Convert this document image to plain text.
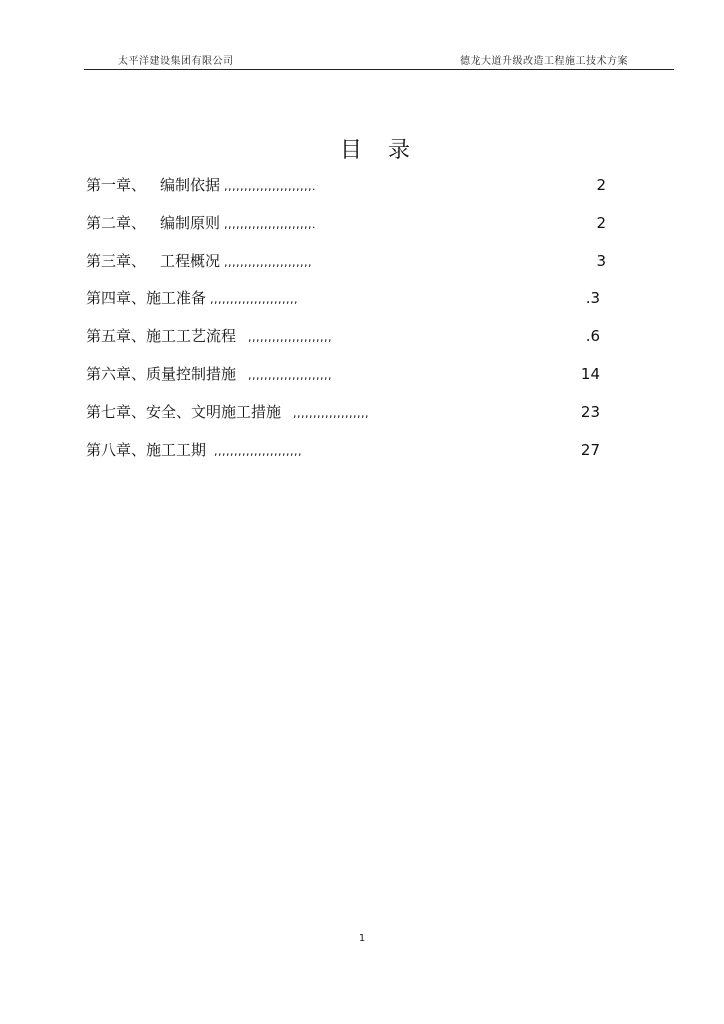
太平洋建设集团有限公司	德龙大道升级改造工程施工技术方案
目 录
第一章、 编制依据 ,,,,,,,,,,,,,,,,,,,,,,.	2
第二章、 编制原则 ,,,,,,,,,,,,,,,,,,,,,,.	2
第三章、 工程概况 ,,,,,,,,,,,,,,,,,,,,,,	3
第四章、施工准备 ,,,,,,,,,,,,,,,,,,,,,,	.3
第五章、施工工艺流程 ,,,,,,,,,,,,,,,,,,,,,	.6
第六章、质量控制措施 ,,,,,,,,,,,,,,,,,,,,,	14
第七章、安全、文明施工措施 ,,,,,,,,,,,,,,,,,,,	23
第八章、施工工期 ,,,,,,,,,,,,,,,,,,,,,,	27
1
